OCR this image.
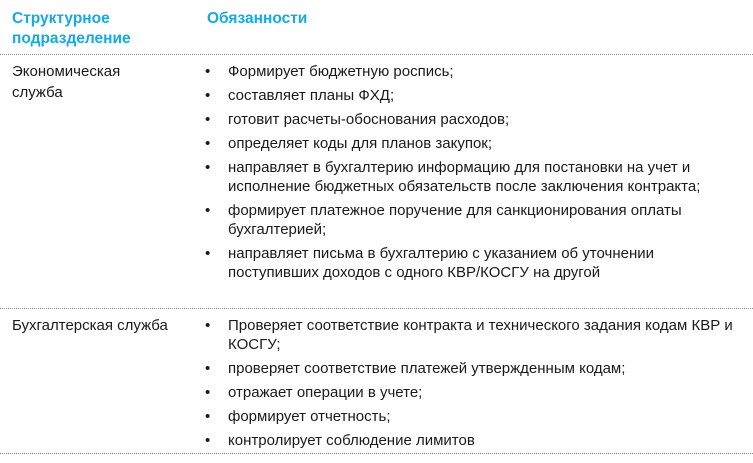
Структурное подразделение
Обязанности
Экономическая служба
• Формирует бюджетную роспись;
• составляет планы ФХД;
• готовит расчеты-обоснования расходов;
• определяет коды для планов закупок;
• направляет в бухгалтерию информацию для постановки на учет и исполнение бюджетных обязательств после заключения контракта;
• формирует платежное поручение для санкционирования оплаты бухгалтерией;
• направляет письма в бухгалтерию с указанием об уточнении поступивших доходов с одного КВР/КОСГУ на другой
Бухгалтерская служба	• Проверяет соответствие контракта и технического задания кодам КВР и КОСГУ;
• проверяет соответствие платежей утвержденным кодам;
• отражает операции в учете;
• формирует отчетность;
• контролирует соблюдение лимитов
